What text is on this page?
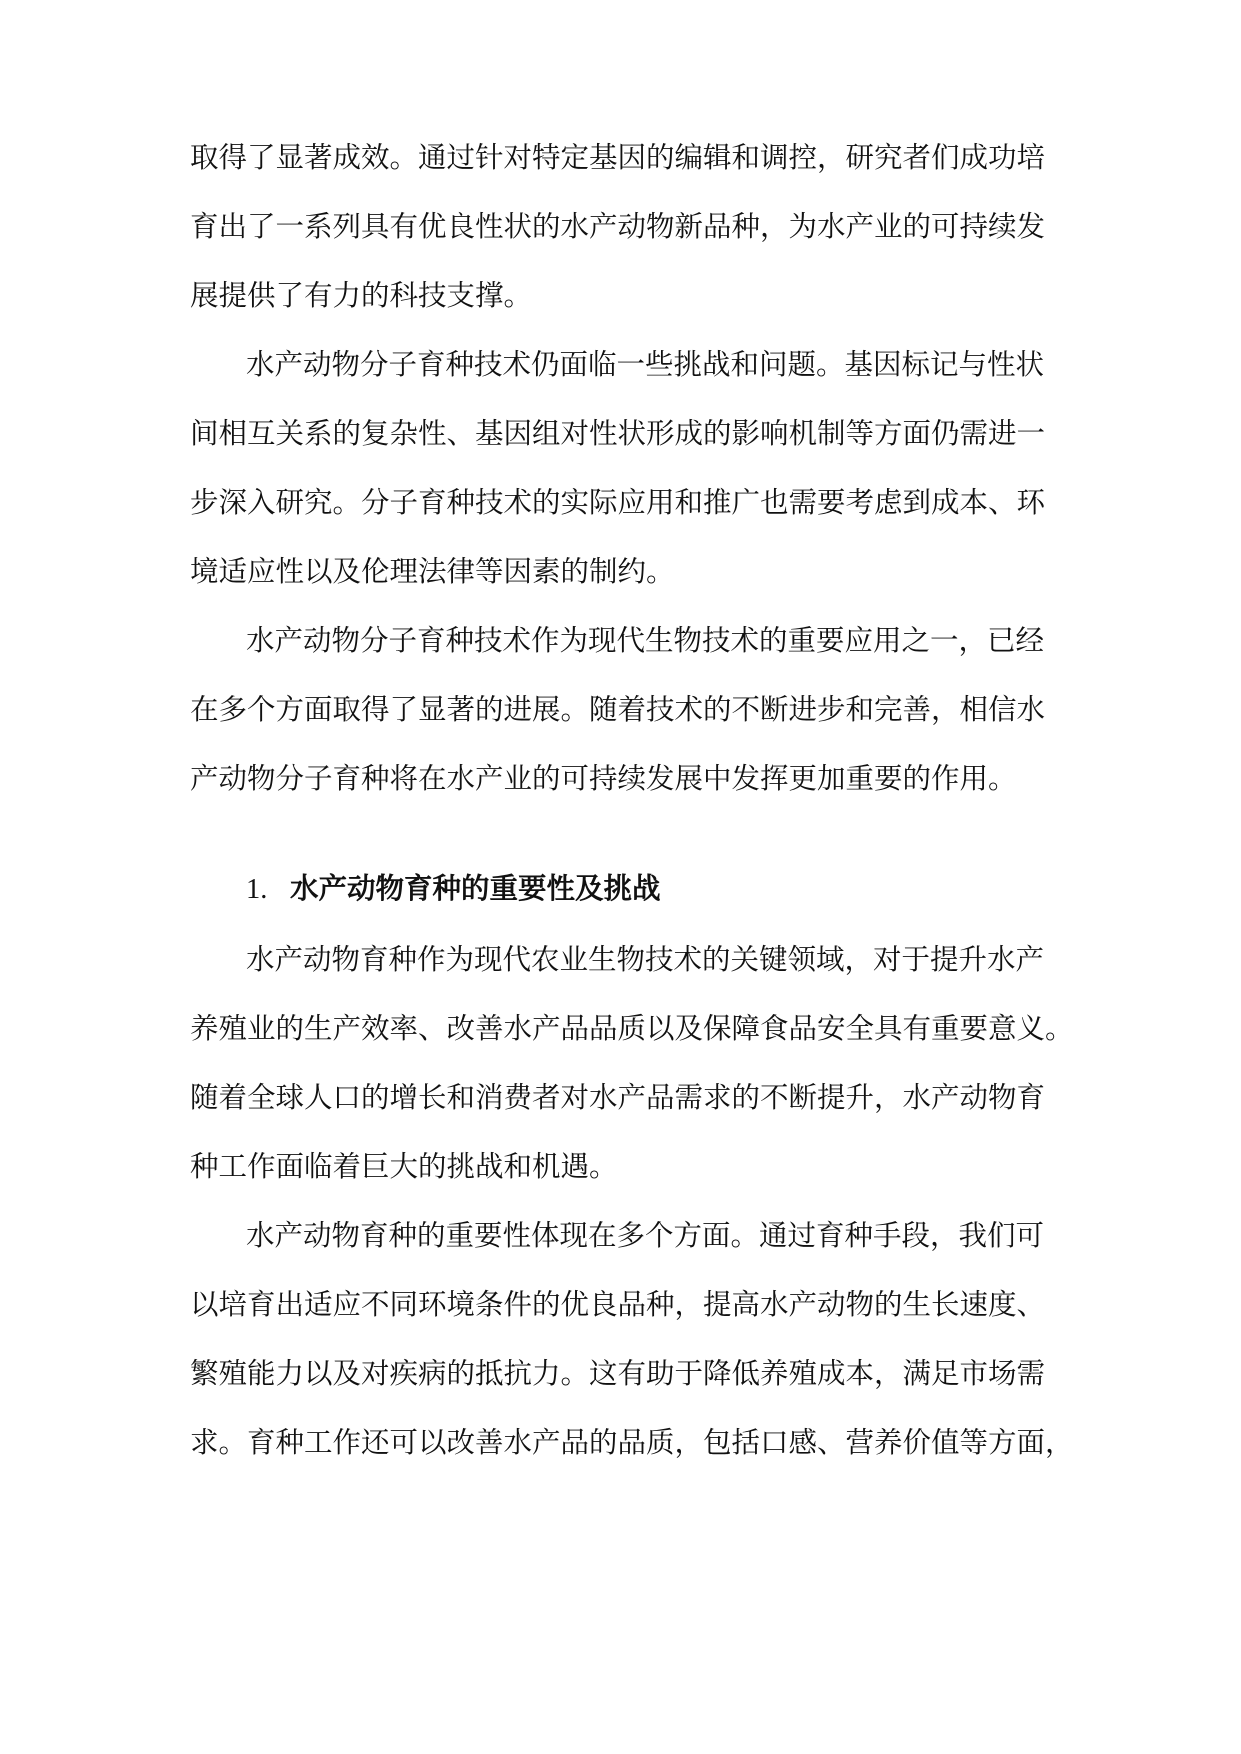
取得了显著成效。通过针对特定基因的编辑和调控，研究者们成功培
育出了一系列具有优良性状的水产动物新品种，为水产业的可持续发
展提供了有力的科技支撑。
水产动物分子育种技术仍面临一些挑战和问题。基因标记与性状
间相互关系的复杂性、基因组对性状形成的影响机制等方面仍需进一
步深入研究。分子育种技术的实际应用和推广也需要考虑到成本、环
境适应性以及伦理法律等因素的制约。
水产动物分子育种技术作为现代生物技术的重要应用之一，已经
在多个方面取得了显著的进展。随着技术的不断进步和完善，相信水
产动物分子育种将在水产业的可持续发展中发挥更加重要的作用。
1. 水产动物育种的重要性及挑战
水产动物育种作为现代农业生物技术的关键领域，对于提升水产
养殖业的生产效率、改善水产品品质以及保障食品安全具有重要意义。
随着全球人口的增长和消费者对水产品需求的不断提升，水产动物育
种工作面临着巨大的挑战和机遇。
水产动物育种的重要性体现在多个方面。通过育种手段，我们可
以培育出适应不同环境条件的优良品种，提高水产动物的生长速度、
繁殖能力以及对疾病的抵抗力。这有助于降低养殖成本，满足市场需
求。育种工作还可以改善水产品的品质，包括口感、营养价值等方面，
